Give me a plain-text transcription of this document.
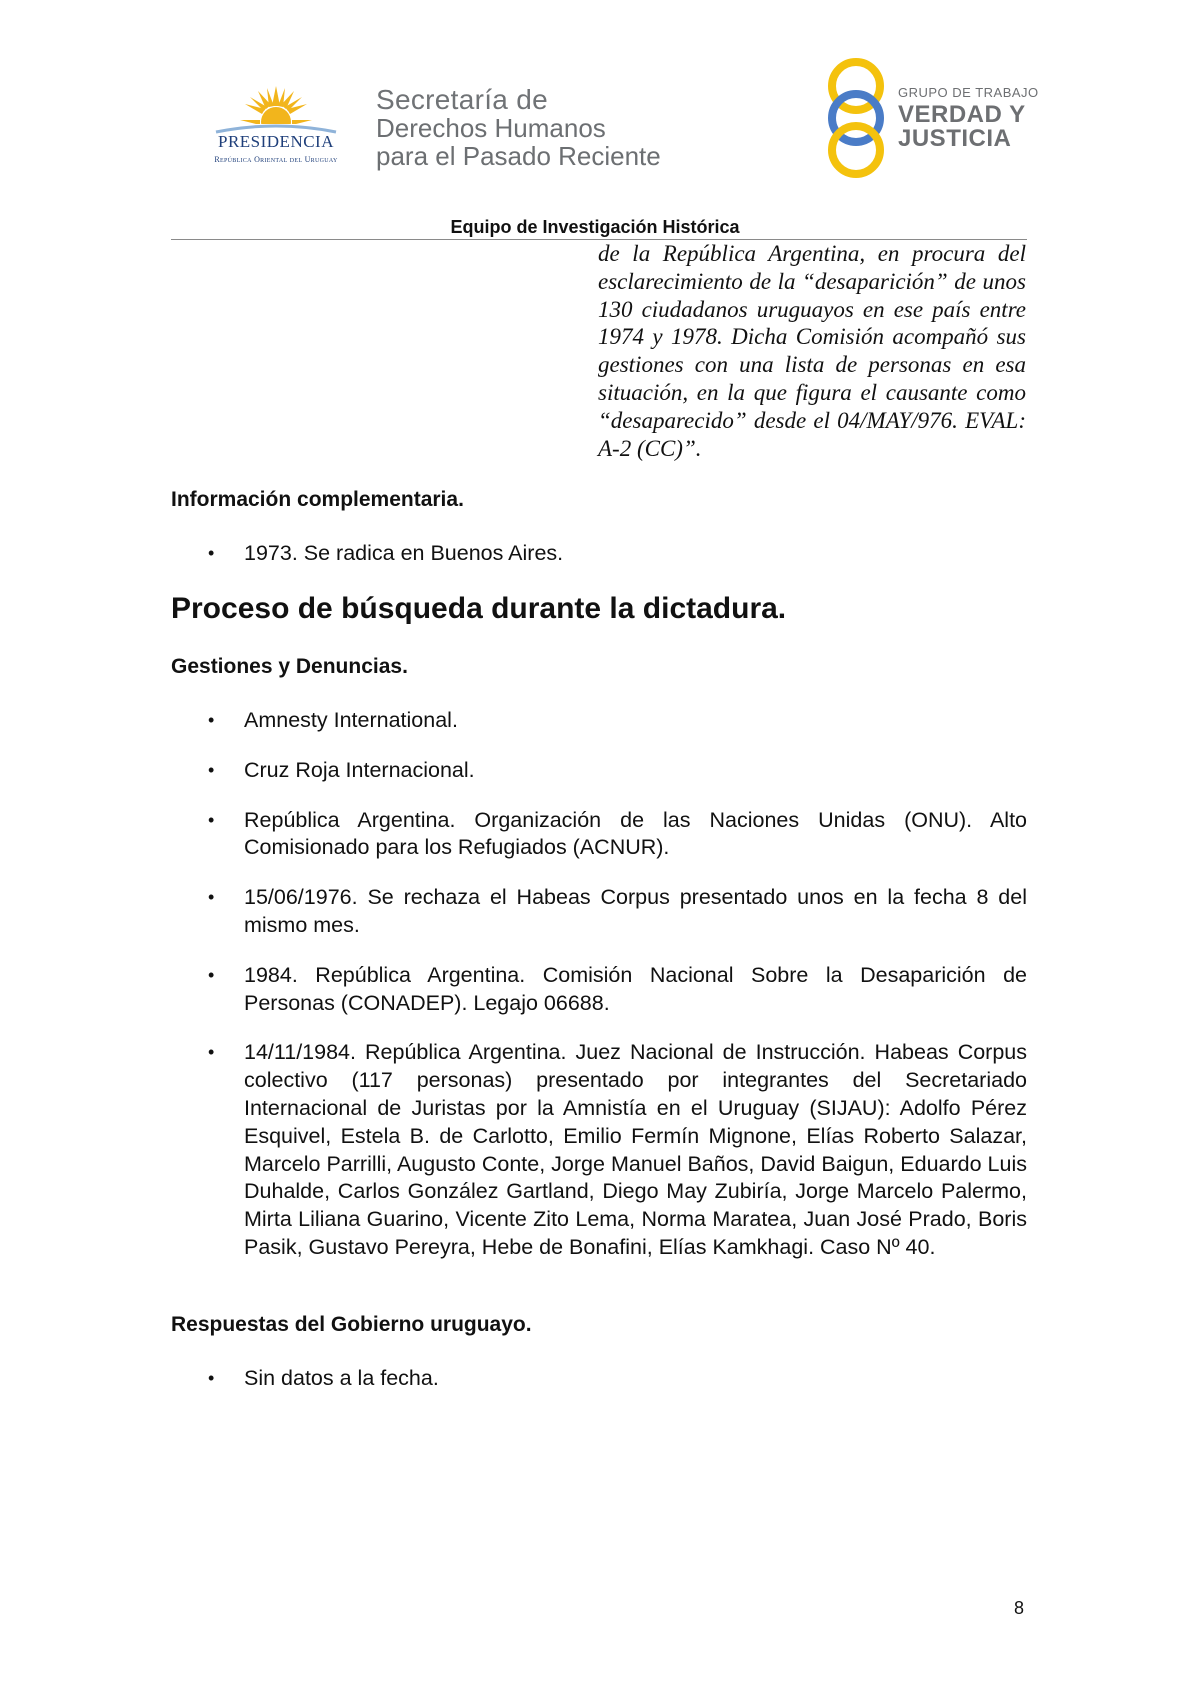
PRESIDENCIA
República Oriental del Uruguay
Secretaría de
Derechos Humanos
para el Pasado Reciente
GRUPO DE TRABAJO
VERDAD Y
JUSTICIA
Equipo de Investigación Histórica
de la República Argentina, en procura del esclarecimiento de la “desaparición” de unos 130 ciudadanos uruguayos en ese país entre 1974 y 1978. Dicha Comisión acompañó sus gestiones con una lista de personas en esa situación, en la que figura el causante como “desaparecido” desde el 04/MAY/976. EVAL: A-2 (CC)”.
Información complementaria.
• 1973. Se radica en Buenos Aires.
Proceso de búsqueda durante la dictadura.
Gestiones y Denuncias.
• Amnesty International.
• Cruz Roja Internacional.
• República Argentina. Organización de las Naciones Unidas (ONU). Alto Comisionado para los Refugiados (ACNUR).
• 15/06/1976. Se rechaza el Habeas Corpus presentado unos en la fecha 8 del mismo mes.
• 1984. República Argentina. Comisión Nacional Sobre la Desaparición de Personas (CONADEP). Legajo 06688.
• 14/11/1984. República Argentina. Juez Nacional de Instrucción. Habeas Corpus colectivo (117 personas) presentado por integrantes del Secretariado Internacional de Juristas por la Amnistía en el Uruguay (SIJAU): Adolfo Pérez Esquivel, Estela B. de Carlotto, Emilio Fermín Mignone, Elías Roberto Salazar, Marcelo Parrilli, Augusto Conte, Jorge Manuel Baños, David Baigun, Eduardo Luis Duhalde, Carlos González Gartland, Diego May Zubiría, Jorge Marcelo Palermo, Mirta Liliana Guarino, Vicente Zito Lema, Norma Maratea, Juan José Prado, Boris Pasik, Gustavo Pereyra, Hebe de Bonafini, Elías Kamkhagi. Caso Nº 40.
Respuestas del Gobierno uruguayo.
• Sin datos a la fecha.
8
